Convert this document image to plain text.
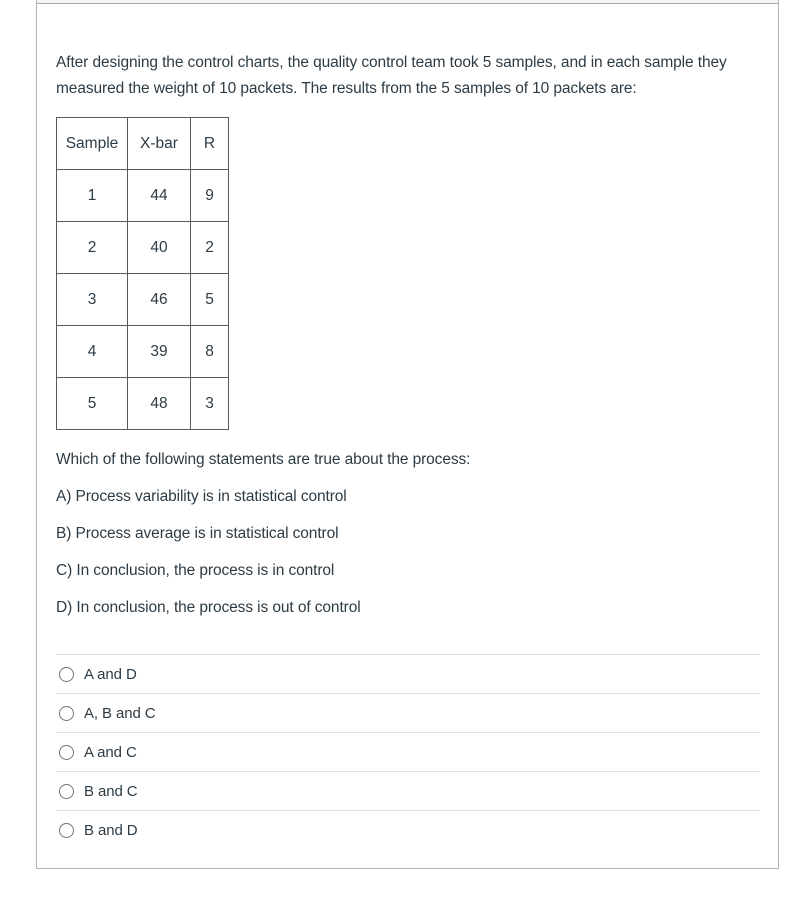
After designing the control charts, the quality control team took 5 samples, and in each sample they measured the weight of 10 packets. The results from the 5 samples of 10 packets are:

Sample	X-bar	R
1	44	9
2	40	2
3	46	5
4	39	8
5	48	3

Which of the following statements are true about the process:

A) Process variability is in statistical control

B) Process average is in statistical control

C) In conclusion, the process is in control

D) In conclusion, the process is out of control

A and D
A, B and C
A and C
B and C
B and D
